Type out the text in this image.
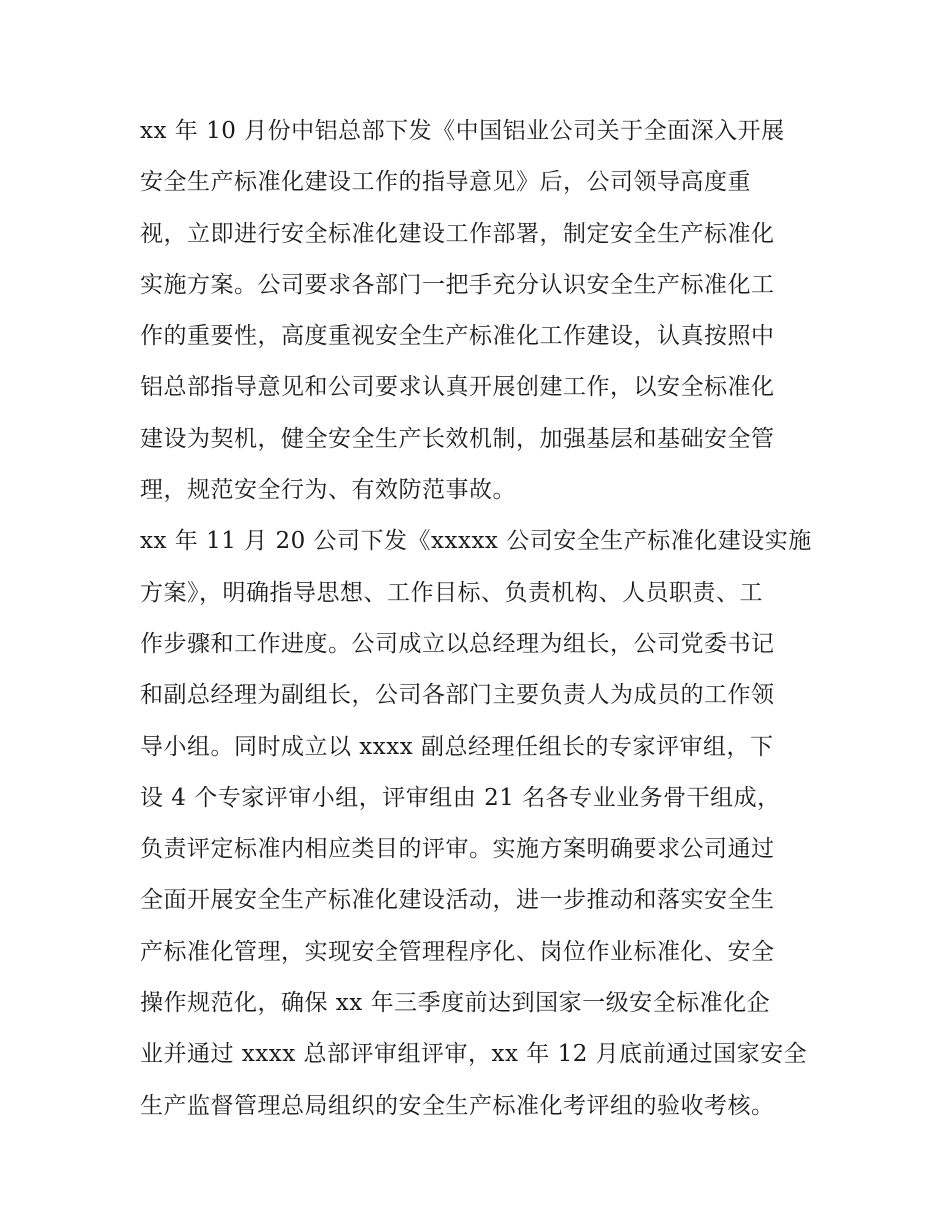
xx 年 10 月份中铝总部下发《中国铝业公司关于全面深入开展
安全生产标准化建设工作的指导意见》后，公司领导高度重
视，立即进行安全标准化建设工作部署，制定安全生产标准化
实施方案。公司要求各部门一把手充分认识安全生产标准化工
作的重要性，高度重视安全生产标准化工作建设，认真按照中
铝总部指导意见和公司要求认真开展创建工作，以安全标准化
建设为契机，健全安全生产长效机制，加强基层和基础安全管
理，规范安全行为、有效防范事故。
xx 年 11 月 20 公司下发《xxxxx 公司安全生产标准化建设实施
方案》，明确指导思想、工作目标、负责机构、人员职责、工
作步骤和工作进度。公司成立以总经理为组长，公司党委书记
和副总经理为副组长，公司各部门主要负责人为成员的工作领
导小组。同时成立以 xxxx 副总经理任组长的专家评审组，下
设 4 个专家评审小组，评审组由 21 名各专业业务骨干组成，
负责评定标准内相应类目的评审。实施方案明确要求公司通过
全面开展安全生产标准化建设活动，进一步推动和落实安全生
产标准化管理，实现安全管理程序化、岗位作业标准化、安全
操作规范化，确保 xx 年三季度前达到国家一级安全标准化企
业并通过 xxxx 总部评审组评审，xx 年 12 月底前通过国家安全
生产监督管理总局组织的安全生产标准化考评组的验收考核。
